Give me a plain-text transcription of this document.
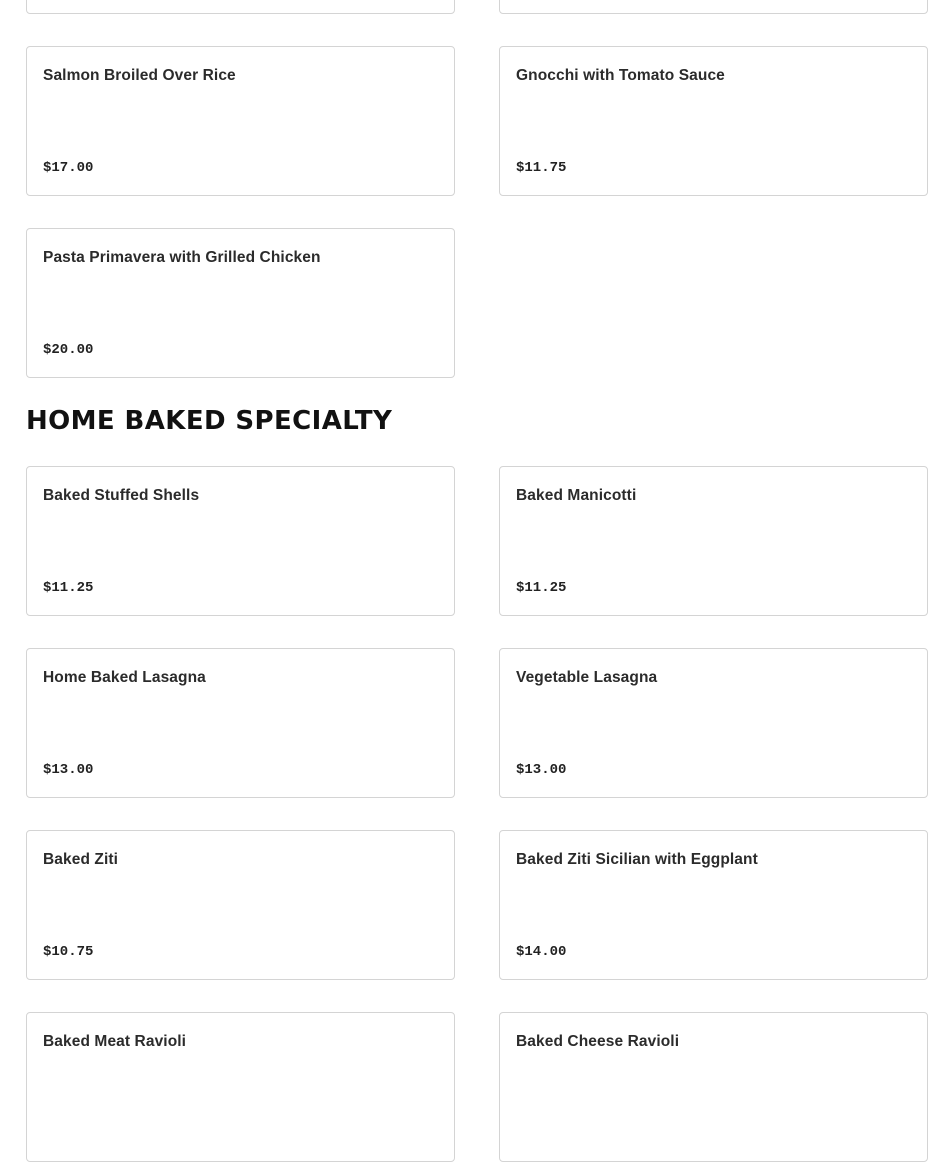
Salmon Broiled Over Rice
$17.00
Gnocchi with Tomato Sauce
$11.75
Pasta Primavera with Grilled Chicken
$20.00
HOME BAKED SPECIALTY
Baked Stuffed Shells
$11.25
Baked Manicotti
$11.25
Home Baked Lasagna
$13.00
Vegetable Lasagna
$13.00
Baked Ziti
$10.75
Baked Ziti Sicilian with Eggplant
$14.00
Baked Meat Ravioli	Baked Cheese Ravioli
